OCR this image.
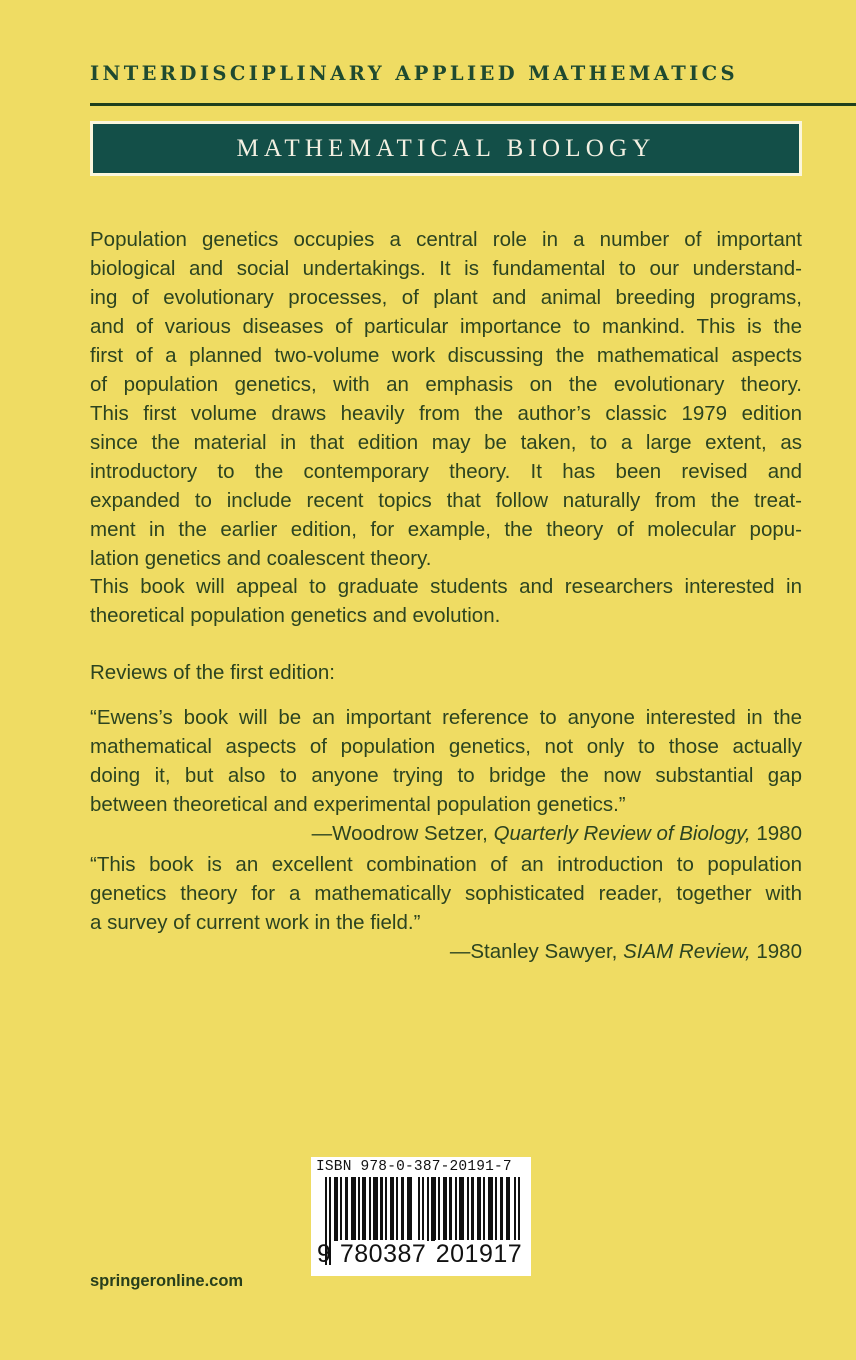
INTERDISCIPLINARY APPLIED MATHEMATICS
MATHEMATICAL BIOLOGY
Population genetics occupies a central role in a number of important
biological and social undertakings. It is fundamental to our understand-
ing of evolutionary processes, of plant and animal breeding programs,
and of various diseases of particular importance to mankind. This is the
first of a planned two-volume work discussing the mathematical aspects
of population genetics, with an emphasis on the evolutionary theory.
This first volume draws heavily from the author’s classic 1979 edition
since the material in that edition may be taken, to a large extent, as
introductory to the contemporary theory. It has been revised and
expanded to include recent topics that follow naturally from the treat-
ment in the earlier edition, for example, the theory of molecular popu-
lation genetics and coalescent theory.
This book will appeal to graduate students and researchers interested in
theoretical population genetics and evolution.
Reviews of the first edition:
“Ewens’s book will be an important reference to anyone interested in the
mathematical aspects of population genetics, not only to those actually
doing it, but also to anyone trying to bridge the now substantial gap
between theoretical and experimental population genetics.”
—Woodrow Setzer, Quarterly Review of Biology, 1980
“This book is an excellent combination of an introduction to population
genetics theory for a mathematically sophisticated reader, together with
a survey of current work in the field.”
—Stanley Sawyer, SIAM Review, 1980
ISBN 978-0-387-20191-7
9 780387 201917
springeronline.com
